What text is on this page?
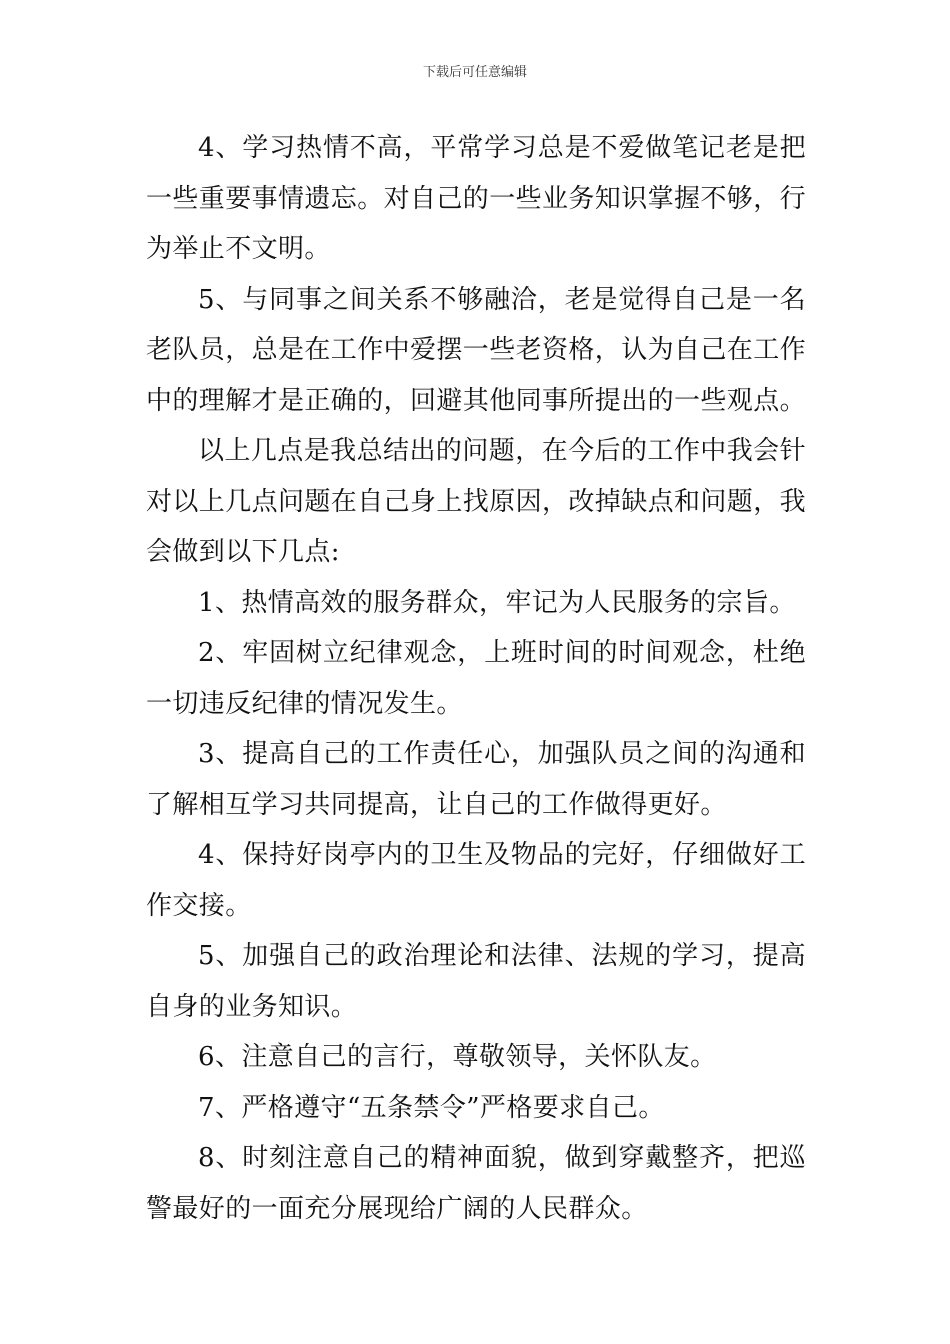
下载后可任意编辑

4、学习热情不高，平常学习总是不爱做笔记老是把一些重要事情遗忘。对自己的一些业务知识掌握不够，行为举止不文明。

5、与同事之间关系不够融洽，老是觉得自己是一名老队员，总是在工作中爱摆一些老资格，认为自己在工作中的理解才是正确的，回避其他同事所提出的一些观点。

以上几点是我总结出的问题，在今后的工作中我会针对以上几点问题在自己身上找原因，改掉缺点和问题，我会做到以下几点:

1、热情高效的服务群众，牢记为人民服务的宗旨。

2、牢固树立纪律观念，上班时间的时间观念，杜绝一切违反纪律的情况发生。

3、提高自己的工作责任心，加强队员之间的沟通和了解相互学习共同提高，让自己的工作做得更好。

4、保持好岗亭内的卫生及物品的完好，仔细做好工作交接。

5、加强自己的政治理论和法律、法规的学习，提高自身的业务知识。

6、注意自己的言行，尊敬领导，关怀队友。

7、严格遵守“五条禁令”严格要求自己。

8、时刻注意自己的精神面貌，做到穿戴整齐，把巡警最好的一面充分展现给广阔的人民群众。
